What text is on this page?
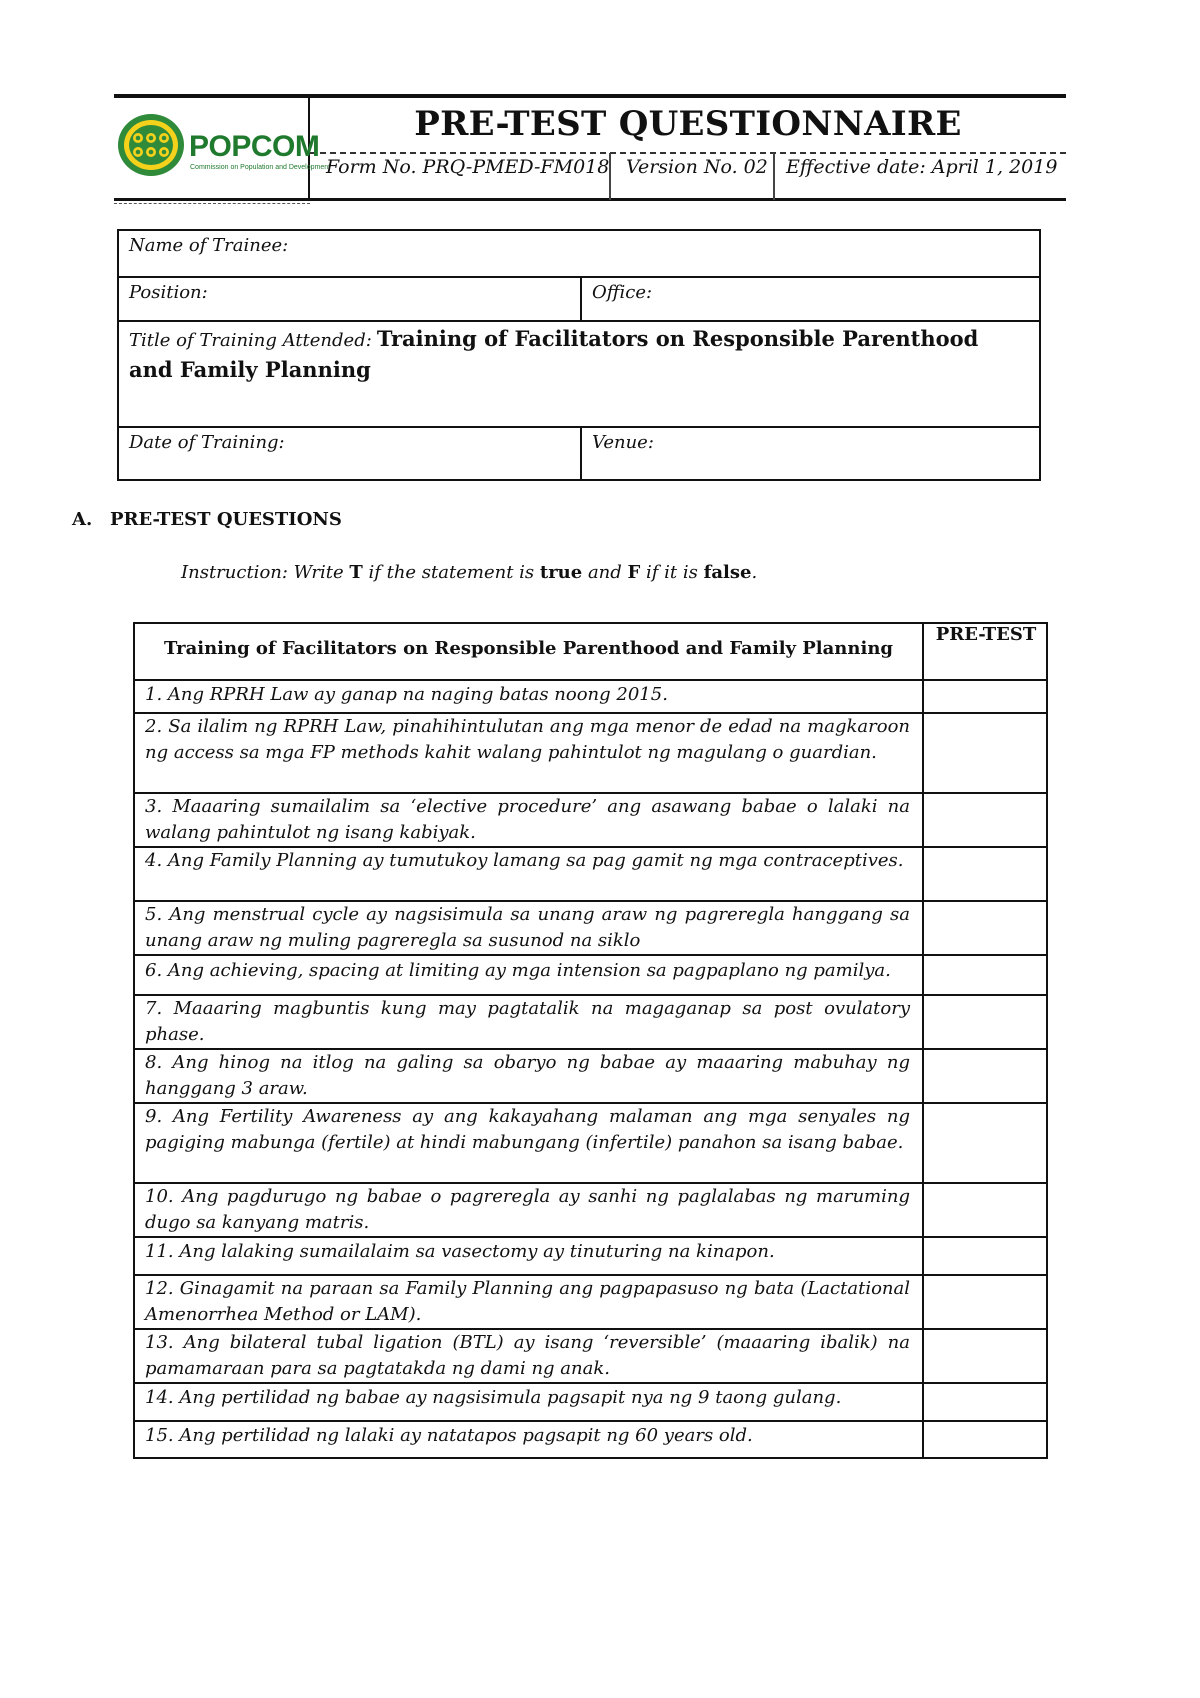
POPCOM
Commission on Population and Development
PRE-TEST QUESTIONNAIRE
Form No. PRQ-PMED-FM018 Version No. 02 Effective date: April 1, 2019
Name of Trainee:
Position:	Office:
Title of Training Attended: Training of Facilitators on Responsible Parenthood and Family Planning
Date of Training:	Venue:
A. PRE-TEST QUESTIONS
Instruction: Write T if the statement is true and F if it is false.
Training of Facilitators on Responsible Parenthood and Family Planning
PRE-TEST
1. Ang RPRH Law ay ganap na naging batas noong 2015.
2. Sa ilalim ng RPRH Law, pinahihintulutan ang mga menor de edad na magkaroon ng access sa mga FP methods kahit walang pahintulot ng magulang o guardian.
3. Maaaring sumailalim sa ‘elective procedure’ ang asawang babae o lalaki na walang pahintulot ng isang kabiyak.
4. Ang Family Planning ay tumutukoy lamang sa pag gamit ng mga contraceptives.
5. Ang menstrual cycle ay nagsisimula sa unang araw ng pagreregla hanggang sa unang araw ng muling pagreregla sa susunod na siklo
6. Ang achieving, spacing at limiting ay mga intension sa pagpaplano ng pamilya.
7. Maaaring magbuntis kung may pagtatalik na magaganap sa post ovulatory phase.
8. Ang hinog na itlog na galing sa obaryo ng babae ay maaaring mabuhay ng hanggang 3 araw.
9. Ang Fertility Awareness ay ang kakayahang malaman ang mga senyales ng pagiging mabunga (fertile) at hindi mabungang (infertile) panahon sa isang babae.
10. Ang pagdurugo ng babae o pagreregla ay sanhi ng paglalabas ng maruming dugo sa kanyang matris.
11. Ang lalaking sumailalaim sa vasectomy ay tinuturing na kinapon.
12. Ginagamit na paraan sa Family Planning ang pagpapasuso ng bata (Lactational Amenorrhea Method or LAM).
13. Ang bilateral tubal ligation (BTL) ay isang ‘reversible’ (maaaring ibalik) na pamamaraan para sa pagtatakda ng dami ng anak.
14. Ang pertilidad ng babae ay nagsisimula pagsapit nya ng 9 taong gulang.
15. Ang pertilidad ng lalaki ay natatapos pagsapit ng 60 years old.
